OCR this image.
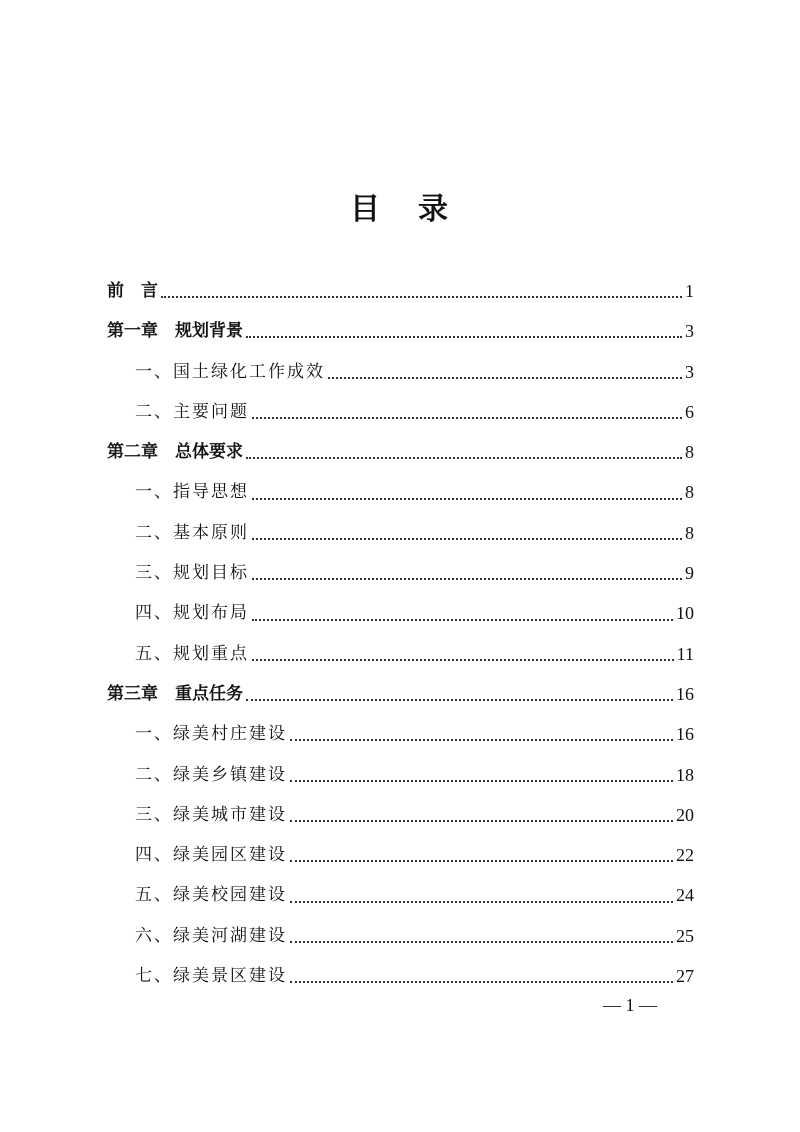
目 录
前　言	1
第一章　规划背景	3
一、国土绿化工作成效	3
二、主要问题	6
第二章　总体要求	8
一、指导思想	8
二、基本原则	8
三、规划目标	9
四、规划布局	10
五、规划重点	11
第三章　重点任务	16
一、绿美村庄建设	16
二、绿美乡镇建设	18
三、绿美城市建设	20
四、绿美园区建设	22
五、绿美校园建设	24
六、绿美河湖建设	25
七、绿美景区建设	27
— 1 —
